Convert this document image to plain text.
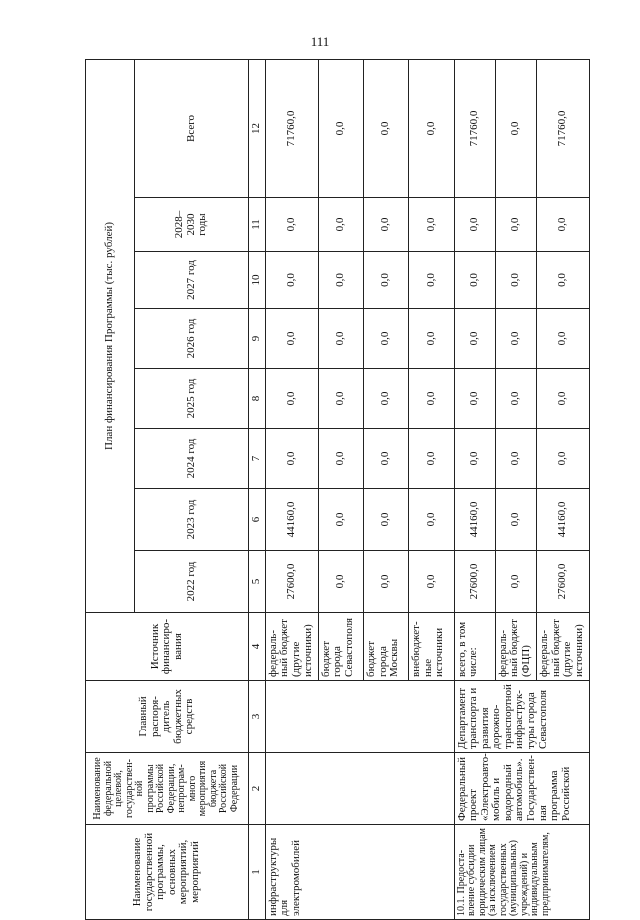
111
Наименование государственной программы, основных мероприятий, мероприятий	Наименование федеральной целевой, государствен-ной программы Российской Федерации, непрограм-много мероприятия бюджета Российской Федерации	Главный распоря-дитель бюджетных средств	Источник финансиро-вания	План финансирования Программы (тыс. рублей)							
				2022 год	2023 год	2024 год	2025 год	2026 год	2027 год	2028–2030 годы	Всего
1	2	3	4	5	6	7	8	9	10	11	12
инфраструктуры для электромобилей			федераль-ный бюджет (другие источники)	27600,0	44160,0	0,0	0,0	0,0	0,0	0,0	71760,0
			бюджет города Севастополя	0,0	0,0	0,0	0,0	0,0	0,0	0,0	0,0
			бюджет города Москвы	0,0	0,0	0,0	0,0	0,0	0,0	0,0	0,0
			внебюджет-ные источники	0,0	0,0	0,0	0,0	0,0	0,0	0,0	0,0
10.1. Предоста-вление субсидии юридическим лицам (за исключением государственных (муниципальных) учреждений) и индивидуальным предпринимателям,	Федеральный проект «Электроавто-мобиль и водородный автомобиль». Государствен-ная программа Российской	Департамент транспорта и развития дорожно-транспортной инфраструк-туры города Севастополя	всего, в том числе:	27600,0	44160,0	0,0	0,0	0,0	0,0	0,0	71760,0
			федераль-ный бюджет (ФЦП)	0,0	0,0	0,0	0,0	0,0	0,0	0,0	0,0
			федераль-ный бюджет (другие источники)	27600,0	44160,0	0,0	0,0	0,0	0,0	0,0	71760,0
